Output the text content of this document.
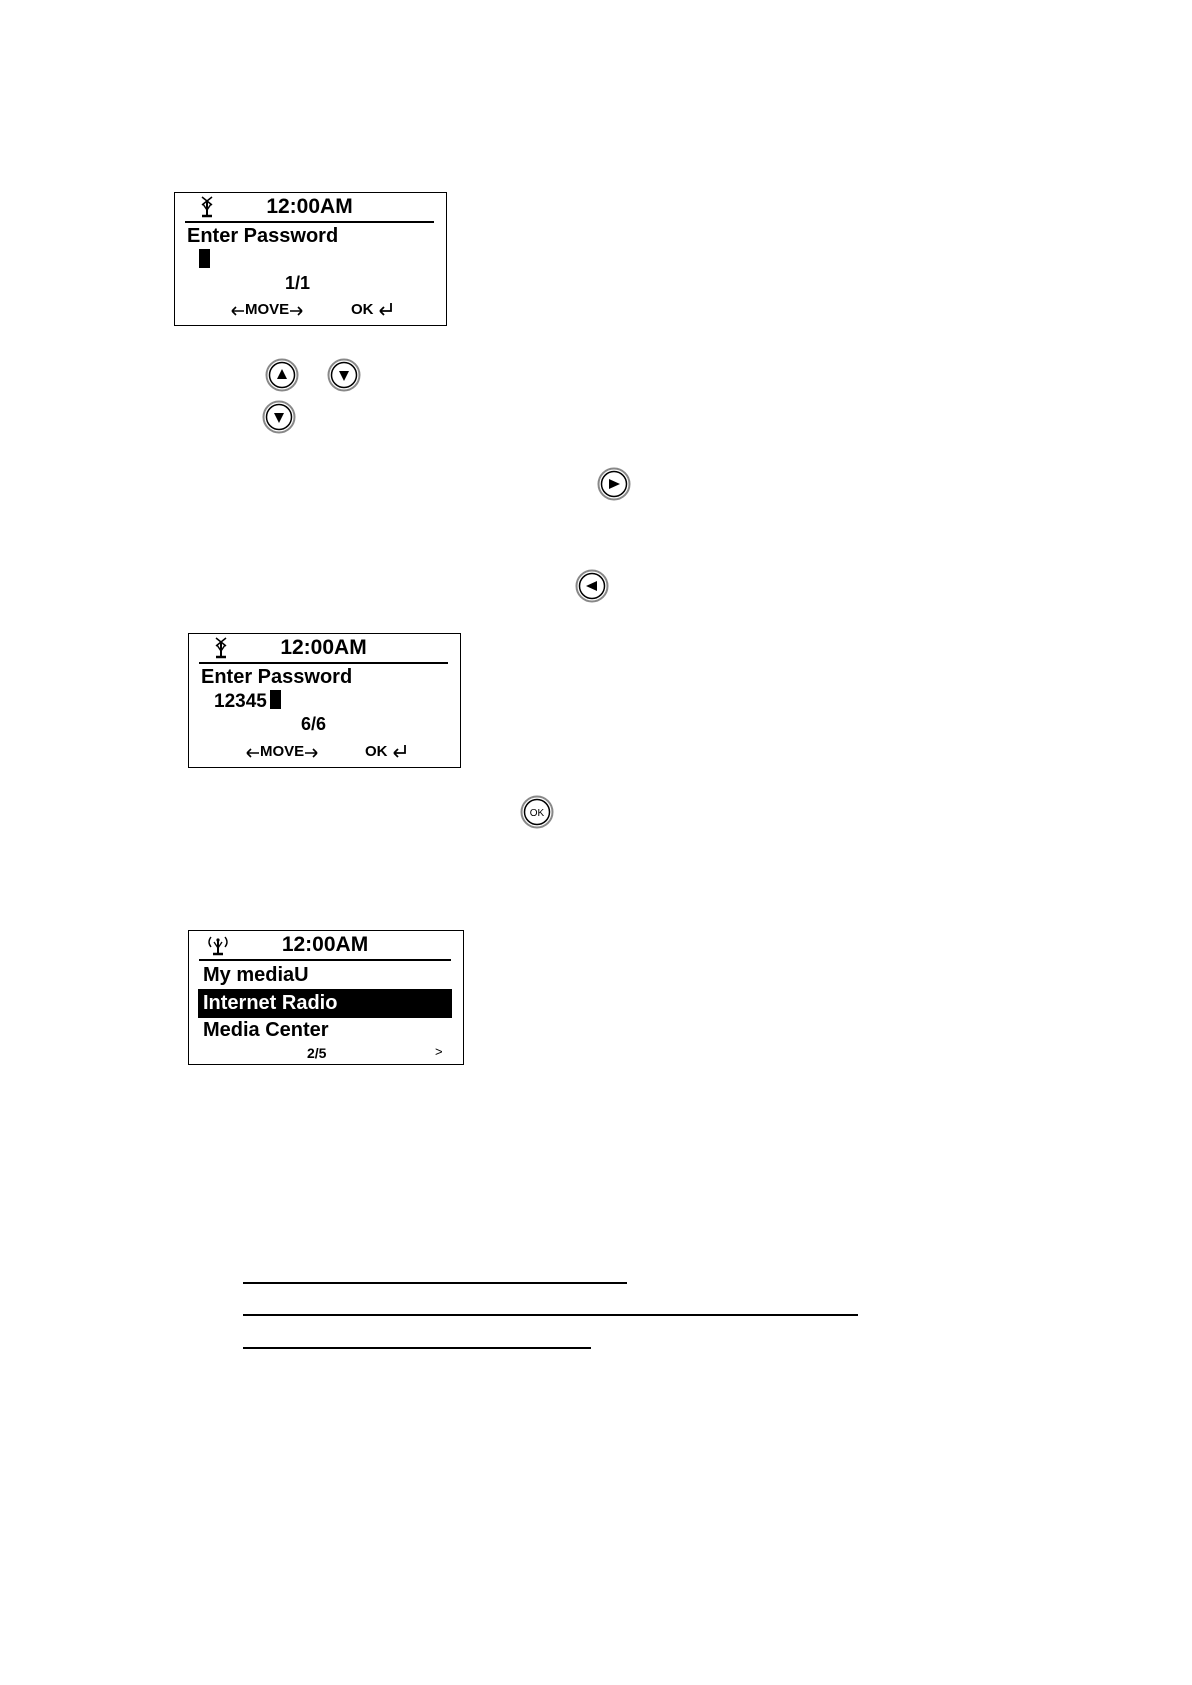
12:00AM
Enter Password
1/1
MOVE	OK
12:00AM
Enter Password
12345
6/6
MOVE	OK
OK
12:00AM
My mediaU
Internet Radio
Media Center
2/5	>
